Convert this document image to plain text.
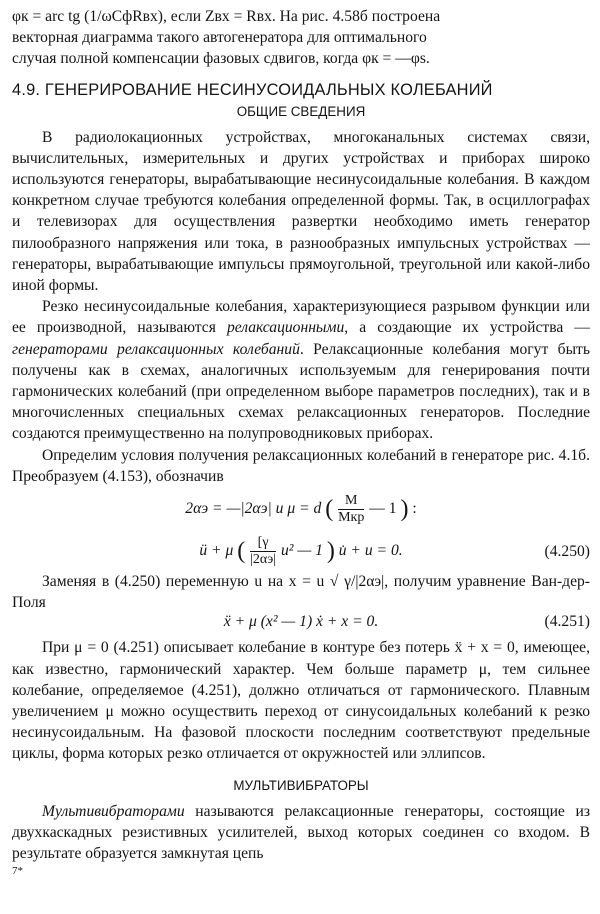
φк = arc tg (1/ωCфRвх), если Zвх = Rвх. На рис. 4.58б построена

векторная диаграмма такого автогенератора для оптимального

случая полной компенсации фазовых сдвигов, когда φк = —φs.

4.9. ГЕНЕРИРОВАНИЕ НЕСИНУСОИДАЛЬНЫХ КОЛЕБАНИЙ
ОБЩИЕ СВЕДЕНИЯ

В радиолокационных устройствах, многоканальных системах связи, вычислительных, измерительных и других устройствах и приборах широко используются генераторы, вырабатывающие несинусоидальные колебания. В каждом конкретном случае требуются колебания определенной формы. Так, в осциллографах и телевизорах для осуществления развертки необходимо иметь генератор пилообразного напряжения или тока, в разнообразных импульсных устройствах — генераторы, вырабатывающие импульсы прямоугольной, треугольной или какой-либо иной формы.

Резко несинусоидальные колебания, характеризующиеся разрывом функции или ее производной, называются релаксационными, а создающие их устройства — генераторами релаксационных колебаний. Релаксационные колебания могут быть получены как в схемах, аналогичных используемым для генерирования почти гармонических колебаний (при определенном выборе параметров последних), так и в многочисленных специальных схемах релаксационных генераторов. Последние создаются преимущественно на полупроводниковых приборах.

Определим условия получения релаксационных колебаний в генераторе рис. 4.1б. Преобразуем (4.153), обозначив

2αэ = —|2αэ| и μ = d ( $\frac{M}{\text{Mкр}}$ — 1 ) :
ü + μ ( $\frac{[\gamma}{|2\alpha э|} u^2$ — 1 ) u̇ + u = 0.	(4.250)

Заменяя в (4.250) переменную u на x = u √ γ/|2αэ|, получим уравнение Ван-дер-Поля

ẍ + μ (x² — 1) ẋ + x = 0.	(4.251)

При μ = 0 (4.251) описывает колебание в контуре без потерь ẍ + x = 0, имеющее, как известно, гармонический характер. Чем больше параметр μ, тем сильнее колебание, определяемое (4.251), должно отличаться от гармонического. Плавным увеличением μ можно осуществить переход от синусоидальных колебаний к резко несинусоидальным. На фазовой плоскости последним соответствуют предельные циклы, форма которых резко отличается от окружностей или эллипсов.

МУЛЬТИВИБРАТОРЫ

Мультивибраторами называются релаксационные генераторы, состоящие из двухкаскадных резистивных усилителей, выход которых соединен со входом. В результате образуется замкнутая цепь

7*
